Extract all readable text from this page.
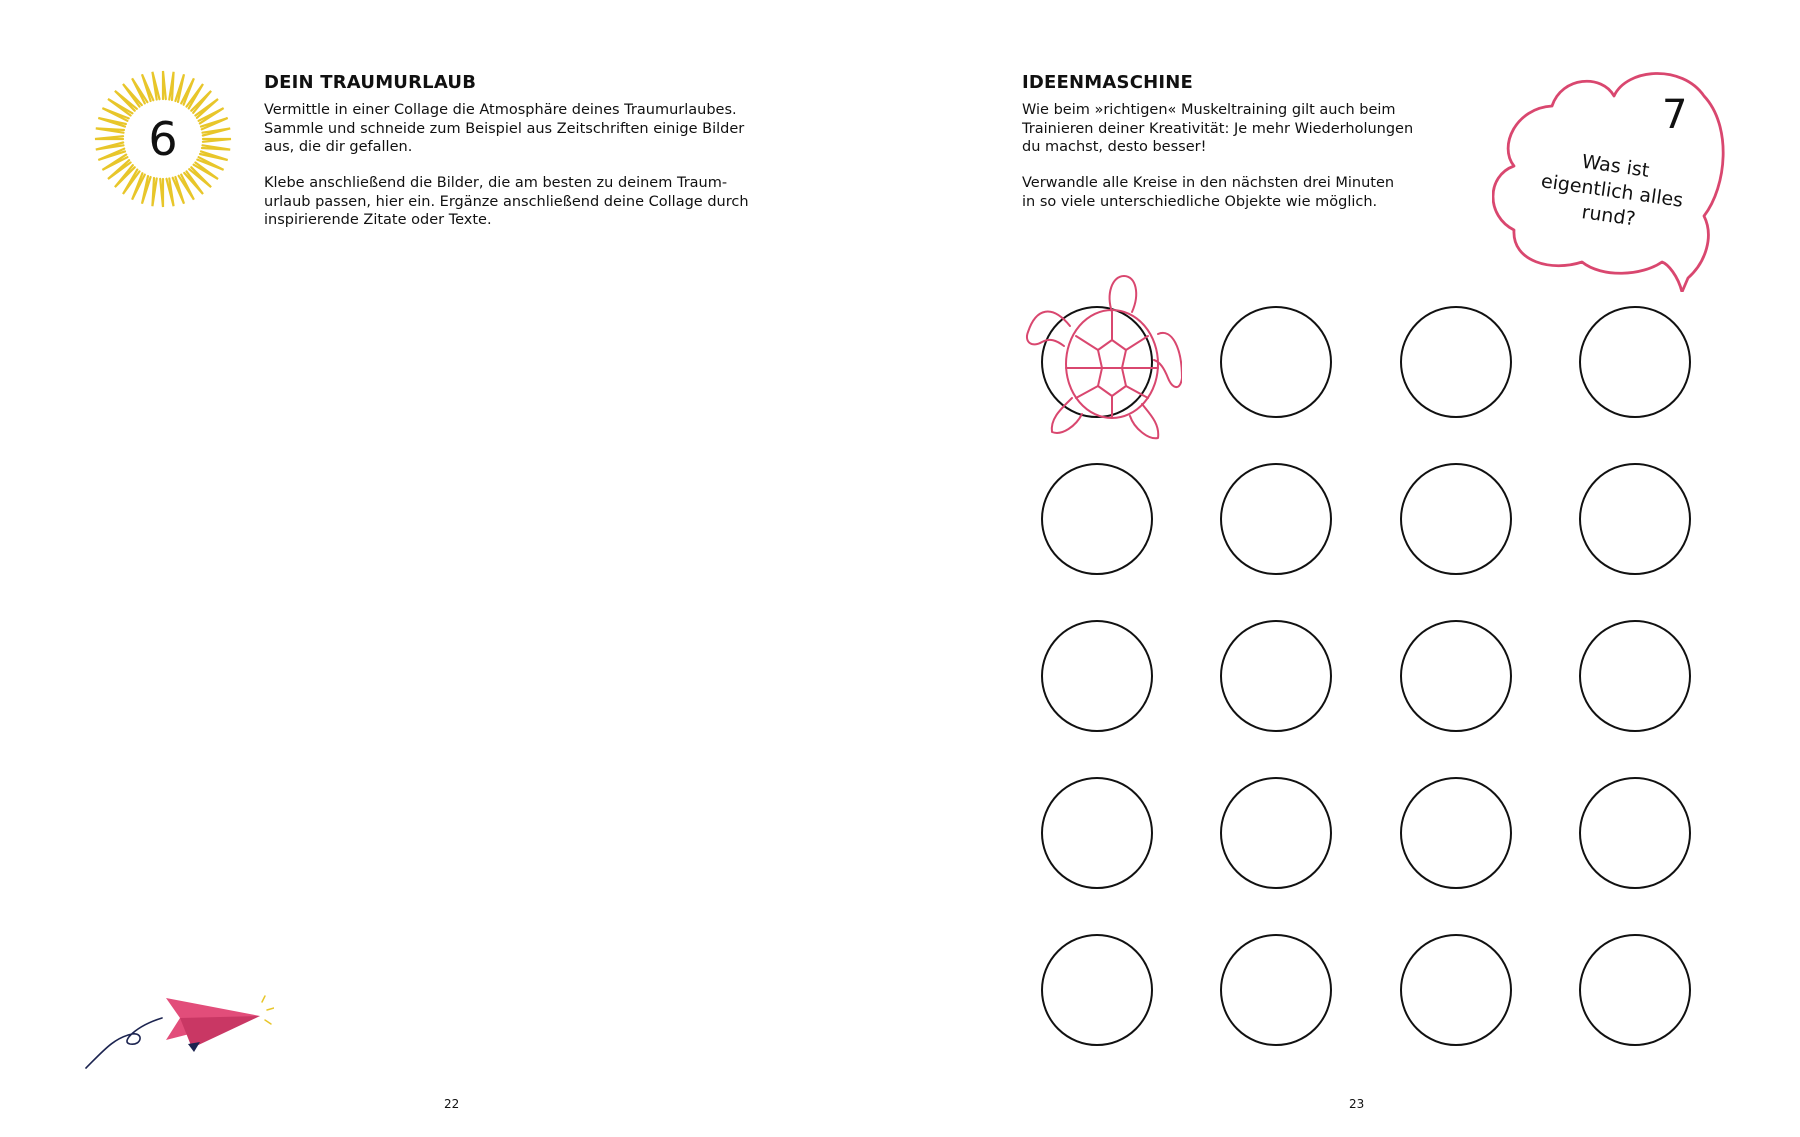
6
DEIN TRAUMURLAUB

Vermittle in einer Collage die Atmosphäre deines Traumurlaubes.
Sammle und schneide zum Beispiel aus Zeitschriften einige Bilder
aus, die dir gefallen.

Klebe anschließend die Bilder, die am besten zu deinem Traum-
urlaub passen, hier ein. Ergänze anschließend deine Collage durch
inspirierende Zitate oder Texte.

22
IDEENMASCHINE

Wie beim »richtigen« Muskeltraining gilt auch beim
Trainieren deiner Kreativität: Je mehr Wiederholungen
du machst, desto besser!

Verwandle alle Kreise in den nächsten drei Minuten
in so viele unterschiedliche Objekte wie möglich.

23
7
Was ist
eigentlich alles
rund?
